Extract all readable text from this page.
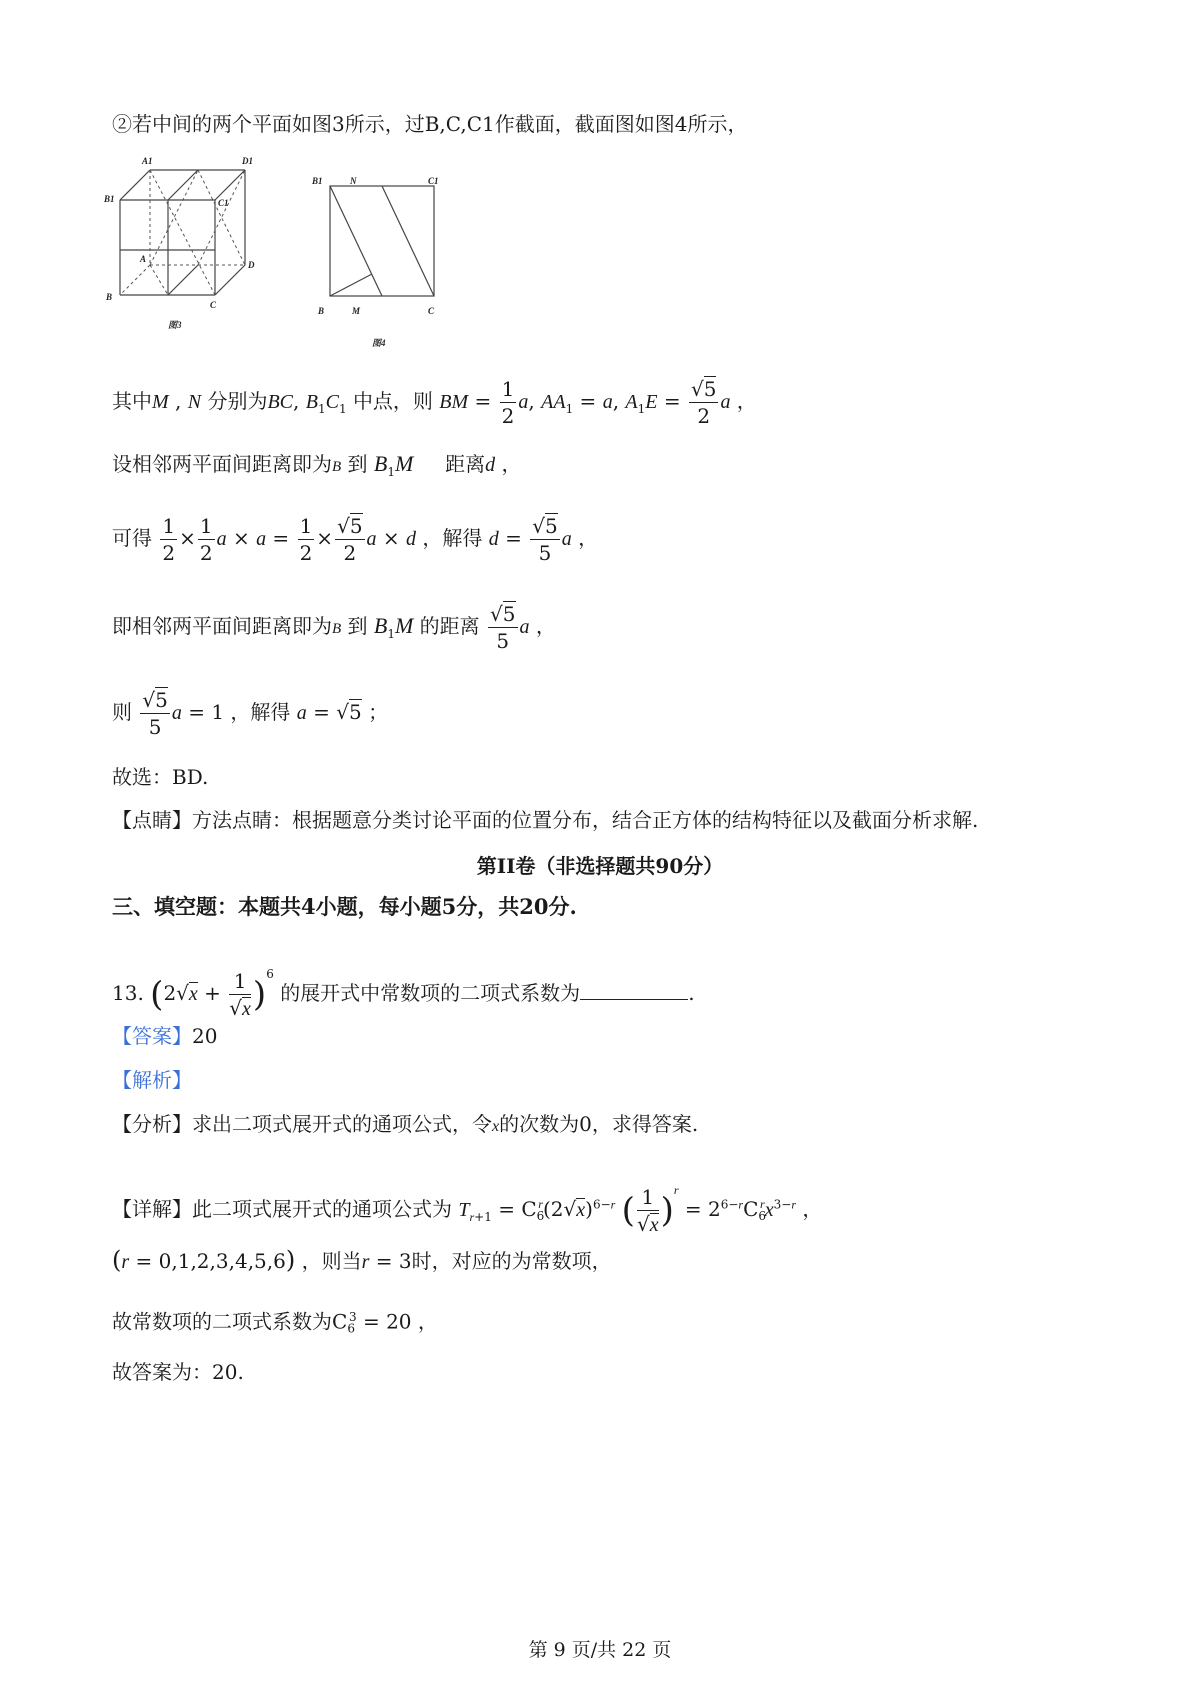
②若中间的两个平面如图3所示，过B,C,C1作截面，截面图如图4所示，
A1	D1
B1	C1
A
D
B
C
图3
B1	N	C1
B	M	C
图4
其中M , N 分别为BC, $B_1C_1$ 中点，则 BM = $\frac{1}{2} a$, $AA_1 = a$, $A_1E = \frac{√5}{2}$ a ，
设相邻两平面间距离即为B 到 $B_1M$ 距离d ，
可得 $\frac{1}{2} \times \frac{1}{2}$ $a \times a = \frac{1}{2} \times \frac{√5}{2}$ a × d ，解得 $d = \frac{√5}{5}$ a ，
即相邻两平面间距离即为B 到 $B_1M$ 的距离 $\frac{√5}{5}$ a ，
则 $\frac{√5}{5}$ a = 1 ，解得 a = √5 ；
故选：BD.
【点睛】方法点睛：根据题意分类讨论平面的位置分布，结合正方体的结构特征以及截面分析求解.
第II卷（非选择题共90分）
三、填空题：本题共4小题，每小题5分，共20分.
13. $(2√x + \frac{1}{√x} )^6$ 的展开式中常数项的二项式系数为	.
【答案】20
【解析】
【分析】求出二项式展开式的通项公式，令x的次数为0，求得答案.
【详解】此二项式展开式的通项公式为 $T_{r+1} = C_6^r(2√x)^{6-r}$ ( $\frac{1}{√x} )^r = 2^{6-r}C_6^rx^{3-r}$ ，
(r = 0,1,2,3,4,5,6) ，则当r = 3时，对应的为常数项，
故常数项的二项式系数为$C_6^3 = 20$ ，
故答案为：20.
第 9 页/共 22 页
